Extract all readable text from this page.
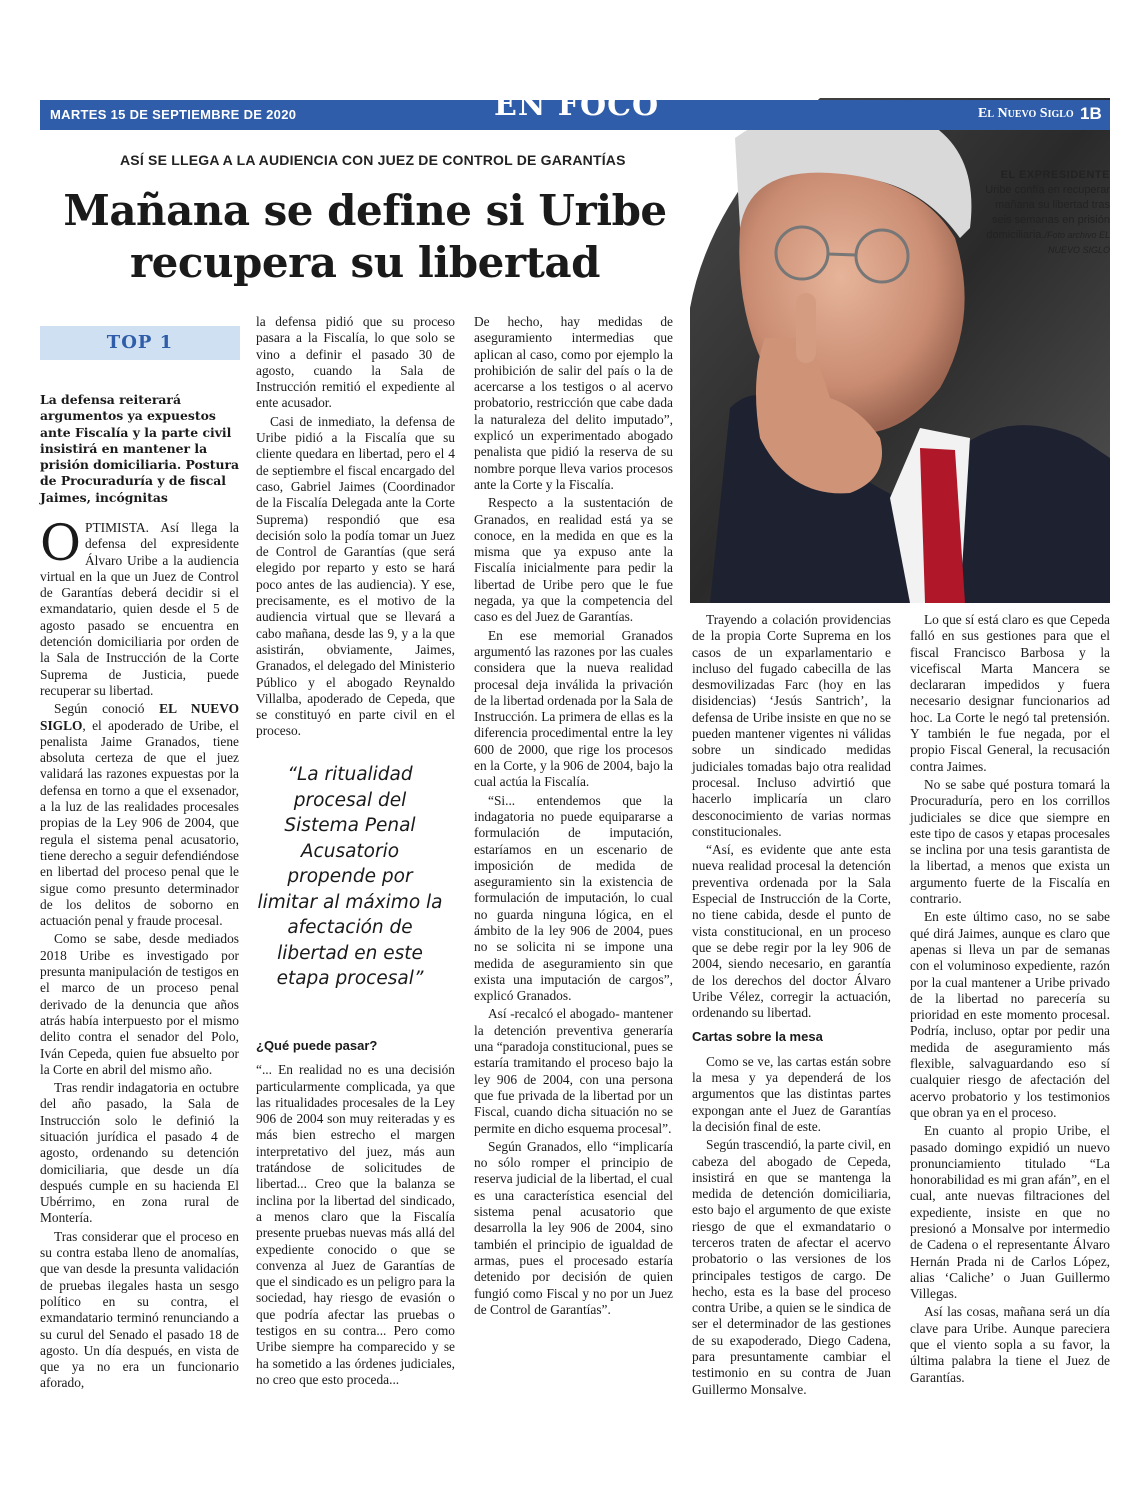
MARTES 15 DE SEPTIEMBRE DE 2020	EN FOCO	El Nuevo Siglo 1B
ASÍ SE LLEGA A LA AUDIENCIA CON JUEZ DE CONTROL DE GARANTÍAS
Mañana se define si Uribe
recupera su libertad
EL EXPRESIDENTE
Uribe confía en recuperar mañana su libertad tras seis semanas en prisión domiciliaria./Foto archivo EL NUEVO SIGLO
TOP 1
La defensa reiterará argumentos ya expuestos ante Fiscalía y la parte civil insistirá en mantener la prisión domiciliaria. Postura de Procuraduría y de fiscal Jaimes, incógnitas

OPTIMISTA. Así llega la defensa del expresidente Álvaro Uribe a la audiencia virtual en la que un Juez de Control de Garantías deberá decidir si el exmandatario, quien desde el 5 de agosto pasado se encuentra en detención domiciliaria por orden de la Sala de Instrucción de la Corte Suprema de Justicia, puede recuperar su libertad.

Según conoció EL NUEVO SIGLO, el apoderado de Uribe, el penalista Jaime Granados, tiene absoluta certeza de que el juez validará las razones expuestas por la defensa en torno a que el exsenador, a la luz de las realidades procesales propias de la Ley 906 de 2004, que regula el sistema penal acusatorio, tiene derecho a seguir defendiéndose en libertad del proceso penal que le sigue como presunto determinador de los delitos de soborno en actuación penal y fraude procesal.

Como se sabe, desde mediados 2018 Uribe es investigado por presunta manipulación de testigos en el marco de un proceso penal derivado de la denuncia que años atrás había interpuesto por el mismo delito contra el senador del Polo, Iván Cepeda, quien fue absuelto por la Corte en abril del mismo año.

Tras rendir indagatoria en octubre del año pasado, la Sala de Instrucción solo le definió la situación jurídica el pasado 4 de agosto, ordenando su detención domiciliaria, que desde un día después cumple en su hacienda El Ubérrimo, en zona rural de Montería.

Tras considerar que el proceso en su contra estaba lleno de anomalías, que van desde la presunta validación de pruebas ilegales hasta un sesgo político en su contra, el exmandatario terminó renunciando a su curul del Senado el pasado 18 de agosto. Un día después, en vista de que ya no era un funcionario aforado,

la defensa pidió que su proceso pasara a la Fiscalía, lo que solo se vino a definir el pasado 30 de agosto, cuando la Sala de Instrucción remitió el expediente al ente acusador.

Casi de inmediato, la defensa de Uribe pidió a la Fiscalía que su cliente quedara en libertad, pero el 4 de septiembre el fiscal encargado del caso, Gabriel Jaimes (Coordinador de la Fiscalía Delegada ante la Corte Suprema) respondió que esa decisión solo la podía tomar un Juez de Control de Garantías (que será elegido por reparto y esto se hará poco antes de las audiencia). Y ese, precisamente, es el motivo de la audiencia virtual que se llevará a cabo mañana, desde las 9, y a la que asistirán, obviamente, Jaimes, Granados, el delegado del Ministerio Público y el abogado Reynaldo Villalba, apoderado de Cepeda, que se constituyó en parte civil en el proceso.

“La ritualidad procesal del Sistema Penal Acusatorio propende por limitar al máximo la afectación de libertad en este etapa procesal”
¿Qué puede pasar?

“... En realidad no es una decisión particularmente complicada, ya que las ritualidades procesales de la Ley 906 de 2004 son muy reiteradas y es más bien estrecho el margen interpretativo del juez, más aun tratándose de solicitudes de libertad... Creo que la balanza se inclina por la libertad del sindicado, a menos claro que la Fiscalía presente pruebas nuevas más allá del expediente conocido o que se convenza al Juez de Garantías de que el sindicado es un peligro para la sociedad, hay riesgo de evasión o que podría afectar las pruebas o testigos en su contra... Pero como Uribe siempre ha comparecido y se ha sometido a las órdenes judiciales, no creo que esto proceda...

De hecho, hay medidas de aseguramiento intermedias que aplican al caso, como por ejemplo la prohibición de salir del país o la de acercarse a los testigos o al acervo probatorio, restricción que cabe dada la naturaleza del delito imputado”, explicó un experimentado abogado penalista que pidió la reserva de su nombre porque lleva varios procesos ante la Corte y la Fiscalía.

Respecto a la sustentación de Granados, en realidad está ya se conoce, en la medida en que es la misma que ya expuso ante la Fiscalía inicialmente para pedir la libertad de Uribe pero que le fue negada, ya que la competencia del caso es del Juez de Garantías.

En ese memorial Granados argumentó las razones por las cuales considera que la nueva realidad procesal deja inválida la privación de la libertad ordenada por la Sala de Instrucción. La primera de ellas es la diferencia procedimental entre la ley 600 de 2000, que rige los procesos en la Corte, y la 906 de 2004, bajo la cual actúa la Fiscalía.

“Si... entendemos que la indagatoria no puede equipararse a formulación de imputación, estaríamos en un escenario de imposición de medida de aseguramiento sin la existencia de formulación de imputación, lo cual no guarda ninguna lógica, en el ámbito de la ley 906 de 2004, pues no se solicita ni se impone una medida de aseguramiento sin que exista una imputación de cargos”, explicó Granados.

Así -recalcó el abogado- mantener la detención preventiva generaría una “paradoja constitucional, pues se estaría tramitando el proceso bajo la ley 906 de 2004, con una persona que fue privada de la libertad por un Fiscal, cuando dicha situación no se permite en dicho esquema procesal”.

Según Granados, ello “implicaría no sólo romper el principio de reserva judicial de la libertad, el cual es una característica esencial del sistema penal acusatorio que desarrolla la ley 906 de 2004, sino también el principio de igualdad de armas, pues el procesado estaría detenido por decisión de quien fungió como Fiscal y no por un Juez de Control de Garantías”.

Trayendo a colación providencias de la propia Corte Suprema en los casos de un exparlamentario e incluso del fugado cabecilla de las desmovilizadas Farc (hoy en las disidencias) ‘Jesús Santrich’, la defensa de Uribe insiste en que no se pueden mantener vigentes ni válidas sobre un sindicado medidas judiciales tomadas bajo otra realidad procesal. Incluso advirtió que hacerlo implicaría un claro desconocimiento de varias normas constitucionales.

“Así, es evidente que ante esta nueva realidad procesal la detención preventiva ordenada por la Sala Especial de Instrucción de la Corte, no tiene cabida, desde el punto de vista constitucional, en un proceso que se debe regir por la ley 906 de 2004, siendo necesario, en garantía de los derechos del doctor Álvaro Uribe Vélez, corregir la actuación, ordenando su libertad.

Cartas sobre la mesa

Como se ve, las cartas están sobre la mesa y ya dependerá de los argumentos que las distintas partes expongan ante el Juez de Garantías la decisión final de este.

Según trascendió, la parte civil, en cabeza del abogado de Cepeda, insistirá en que se mantenga la medida de detención domiciliaria, esto bajo el argumento de que existe riesgo de que el exmandatario o terceros traten de afectar el acervo probatorio o las versiones de los principales testigos de cargo. De hecho, esta es la base del proceso contra Uribe, a quien se le sindica de ser el determinador de las gestiones de su exapoderado, Diego Cadena, para presuntamente cambiar el testimonio en su contra de Juan Guillermo Monsalve.

Lo que sí está claro es que Cepeda falló en sus gestiones para que el fiscal Francisco Barbosa y la vicefiscal Marta Mancera se declararan impedidos y fuera necesario designar funcionarios ad hoc. La Corte le negó tal pretensión. Y también le fue negada, por el propio Fiscal General, la recusación contra Jaimes.

No se sabe qué postura tomará la Procuraduría, pero en los corrillos judiciales se dice que siempre en este tipo de casos y etapas procesales se inclina por una tesis garantista de la libertad, a menos que exista un argumento fuerte de la Fiscalía en contrario.

En este último caso, no se sabe qué dirá Jaimes, aunque es claro que apenas si lleva un par de semanas con el voluminoso expediente, razón por la cual mantener a Uribe privado de la libertad no parecería su prioridad en este momento procesal. Podría, incluso, optar por pedir una medida de aseguramiento más flexible, salvaguardando eso sí cualquier riesgo de afectación del acervo probatorio y los testimonios que obran ya en el proceso.

En cuanto al propio Uribe, el pasado domingo expidió un nuevo pronunciamiento titulado “La honorabilidad es mi gran afán”, en el cual, ante nuevas filtraciones del expediente, insiste en que no presionó a Monsalve por intermedio de Cadena o el representante Álvaro Hernán Prada ni de Carlos López, alias ‘Caliche’ o Juan Guillermo Villegas.

Así las cosas, mañana será un día clave para Uribe. Aunque pareciera que el viento sopla a su favor, la última palabra la tiene el Juez de Garantías.
